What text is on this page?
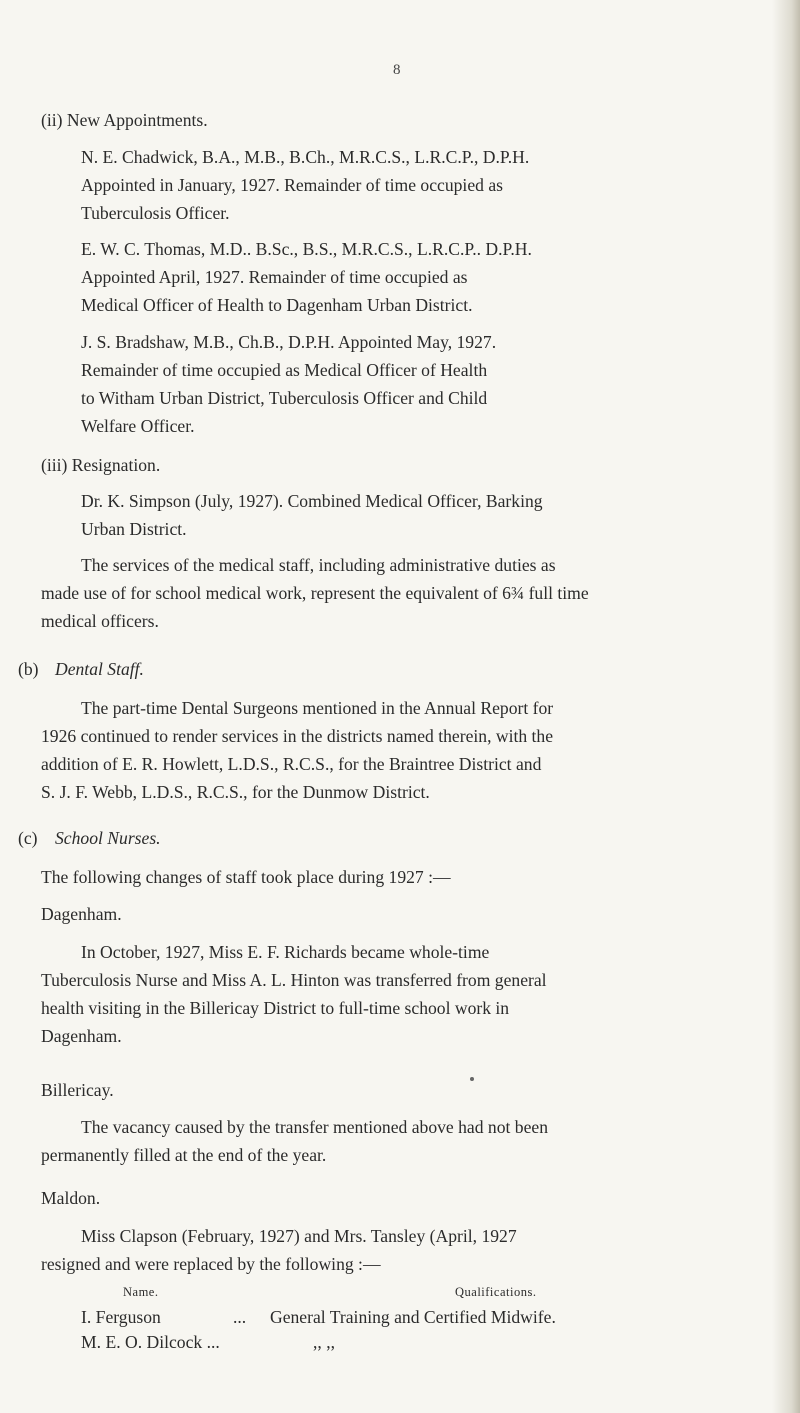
8
(ii) New Appointments.
N. E. Chadwick, B.A., M.B., B.Ch., M.R.C.S., L.R.C.P., D.P.H.
Appointed in January, 1927. Remainder of time occupied as
Tuberculosis Officer.
E. W. C. Thomas, M.D.. B.Sc., B.S., M.R.C.S., L.R.C.P.. D.P.H.
Appointed April, 1927. Remainder of time occupied as
Medical Officer of Health to Dagenham Urban District.
J. S. Bradshaw, M.B., Ch.B., D.P.H. Appointed May, 1927.
Remainder of time occupied as Medical Officer of Health
to Witham Urban District, Tuberculosis Officer and Child
Welfare Officer.
(iii) Resignation.
Dr. K. Simpson (July, 1927). Combined Medical Officer, Barking
Urban District.
The services of the medical staff, including administrative duties as
made use of for school medical work, represent the equivalent of 6¾ full time
medical officers.
(b) Dental Staff.
The part-time Dental Surgeons mentioned in the Annual Report for
1926 continued to render services in the districts named therein, with the
addition of E. R. Howlett, L.D.S., R.C.S., for the Braintree District and
S. J. F. Webb, L.D.S., R.C.S., for the Dunmow District.
(c) School Nurses.
The following changes of staff took place during 1927 :—
Dagenham.
In October, 1927, Miss E. F. Richards became whole-time
Tuberculosis Nurse and Miss A. L. Hinton was transferred from general
health visiting in the Billericay District to full-time school work in
Dagenham.
Billericay.
The vacancy caused by the transfer mentioned above had not been
permanently filled at the end of the year.
Maldon.
Miss Clapson (February, 1927) and Mrs. Tansley (April, 1927
resigned and were replaced by the following :—
Name.	Qualifications.
I. Ferguson	... General Training and Certified Midwife.
M. E. O. Dilcock ...	,, ,,
